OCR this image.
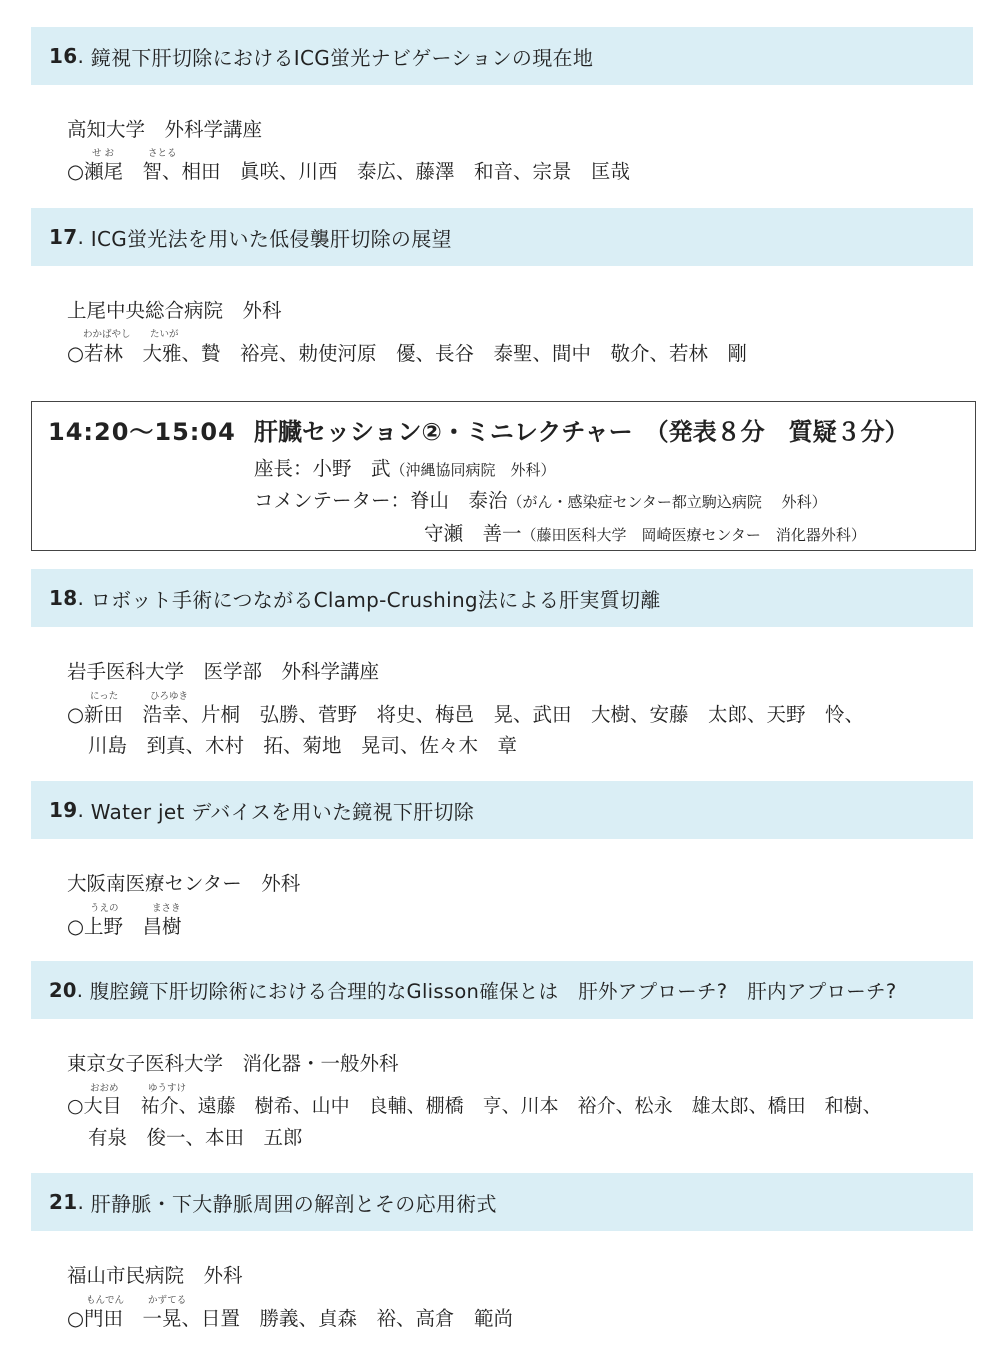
16 . 鏡視下肝切除におけるICG蛍光ナビゲーションの現在地
高知大学　外科学講座
せ お	さとる
○瀬尾　智、相田　眞咲、川西　泰広、藤澤　和音、宗景　匡哉
17 . ICG蛍光法を用いた低侵襲肝切除の展望
上尾中央総合病院　外科
わかばやし たいが
○若林　大雅、贄　裕亮、勅使河原　優、長谷　泰聖、間中　敬介、若林　剛
14:20～15:04 肝臓セッション②・ミニレクチャー　（発表８分　質疑３分）
座長：小野　武（沖縄協同病院　外科）
コメンテーター：脊山　泰治（がん・感染症センター都立駒込病院　 外科）
守瀬　善一（藤田医科大学　岡崎医療センター　消化器外科）
18 . ロボット手術につながるClamp-Crushing法による肝実質切離
岩手医科大学　医学部　外科学講座
にった	ひろゆき
○新田　浩幸、片桐　弘勝、菅野　将史、梅邑　晃、武田　大樹、安藤　太郎、天野　怜、
川島　到真、木村　拓、菊地　晃司、佐々木　章
19 . Water jet デバイスを用いた鏡視下肝切除
大阪南医療センター　外科
うえの	まさき
○上野　昌樹
20 . 腹腔鏡下肝切除術における合理的なGlisson確保とは　肝外アプローチ?　肝内アプローチ?
東京女子医科大学　消化器・一般外科
おおめ	ゆうすけ
○大目　祐介、遠藤　樹希、山中　良輔、棚橋　亨、川本　裕介、松永　雄太郎、橋田　和樹、
有泉　俊一、本田　五郎
21 . 肝静脈・下大静脈周囲の解剖とその応用術式
福山市民病院　外科
もんでん	かずてる
○門田　一晃、日置　勝義、貞森　裕、高倉　範尚
